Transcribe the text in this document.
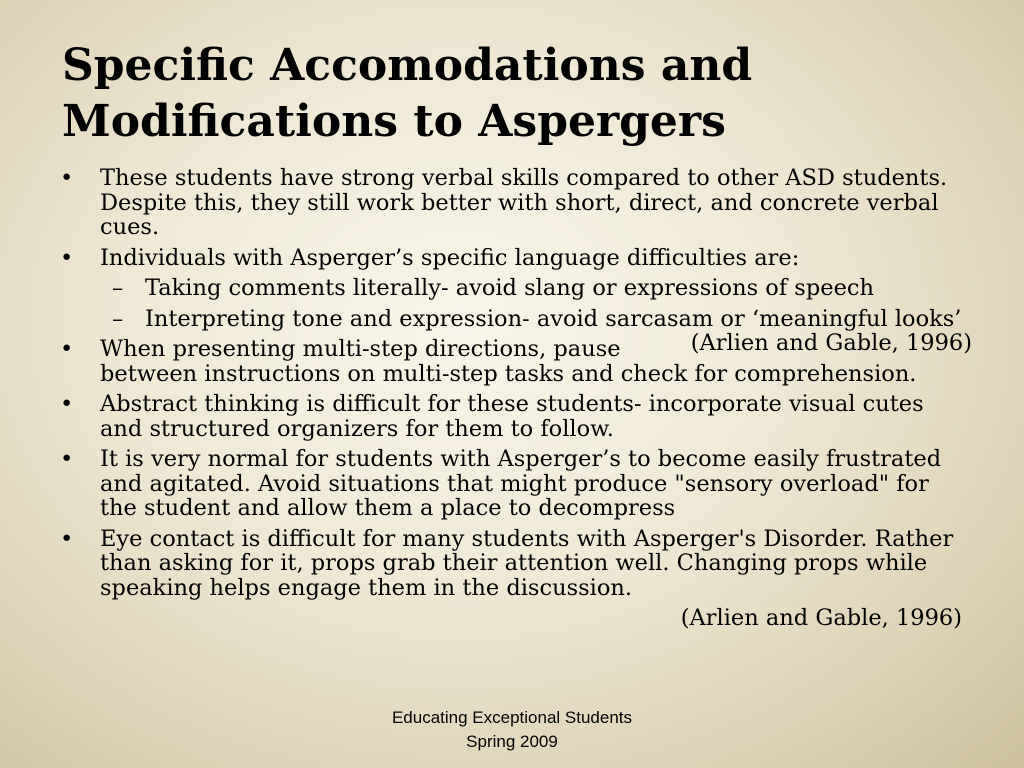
Specific Accomodations and Modifications to Aspergers
• These students have strong verbal skills compared to other ASD students. Despite this, they still work better with short, direct, and concrete verbal cues.
• Individuals with Asperger’s specific language difficulties are:
– Taking comments literally- avoid slang or expressions of speech
– Interpreting tone and expression- avoid sarcasam or ‘meaningful looks’
(Arlien and Gable, 1996)
• When presenting multi-step directions, pause between instructions on multi-step tasks and check for comprehension.
• Abstract thinking is difficult for these students- incorporate visual cutes and structured organizers for them to follow.
• It is very normal for students with Asperger’s to become easily frustrated and agitated. Avoid situations that might produce "sensory overload" for the student and allow them a place to decompress
• Eye contact is difficult for many students with Asperger's Disorder. Rather than asking for it, props grab their attention well. Changing props while speaking helps engage them in the discussion.
(Arlien and Gable, 1996)
Educating Exceptional Students
Spring 2009
